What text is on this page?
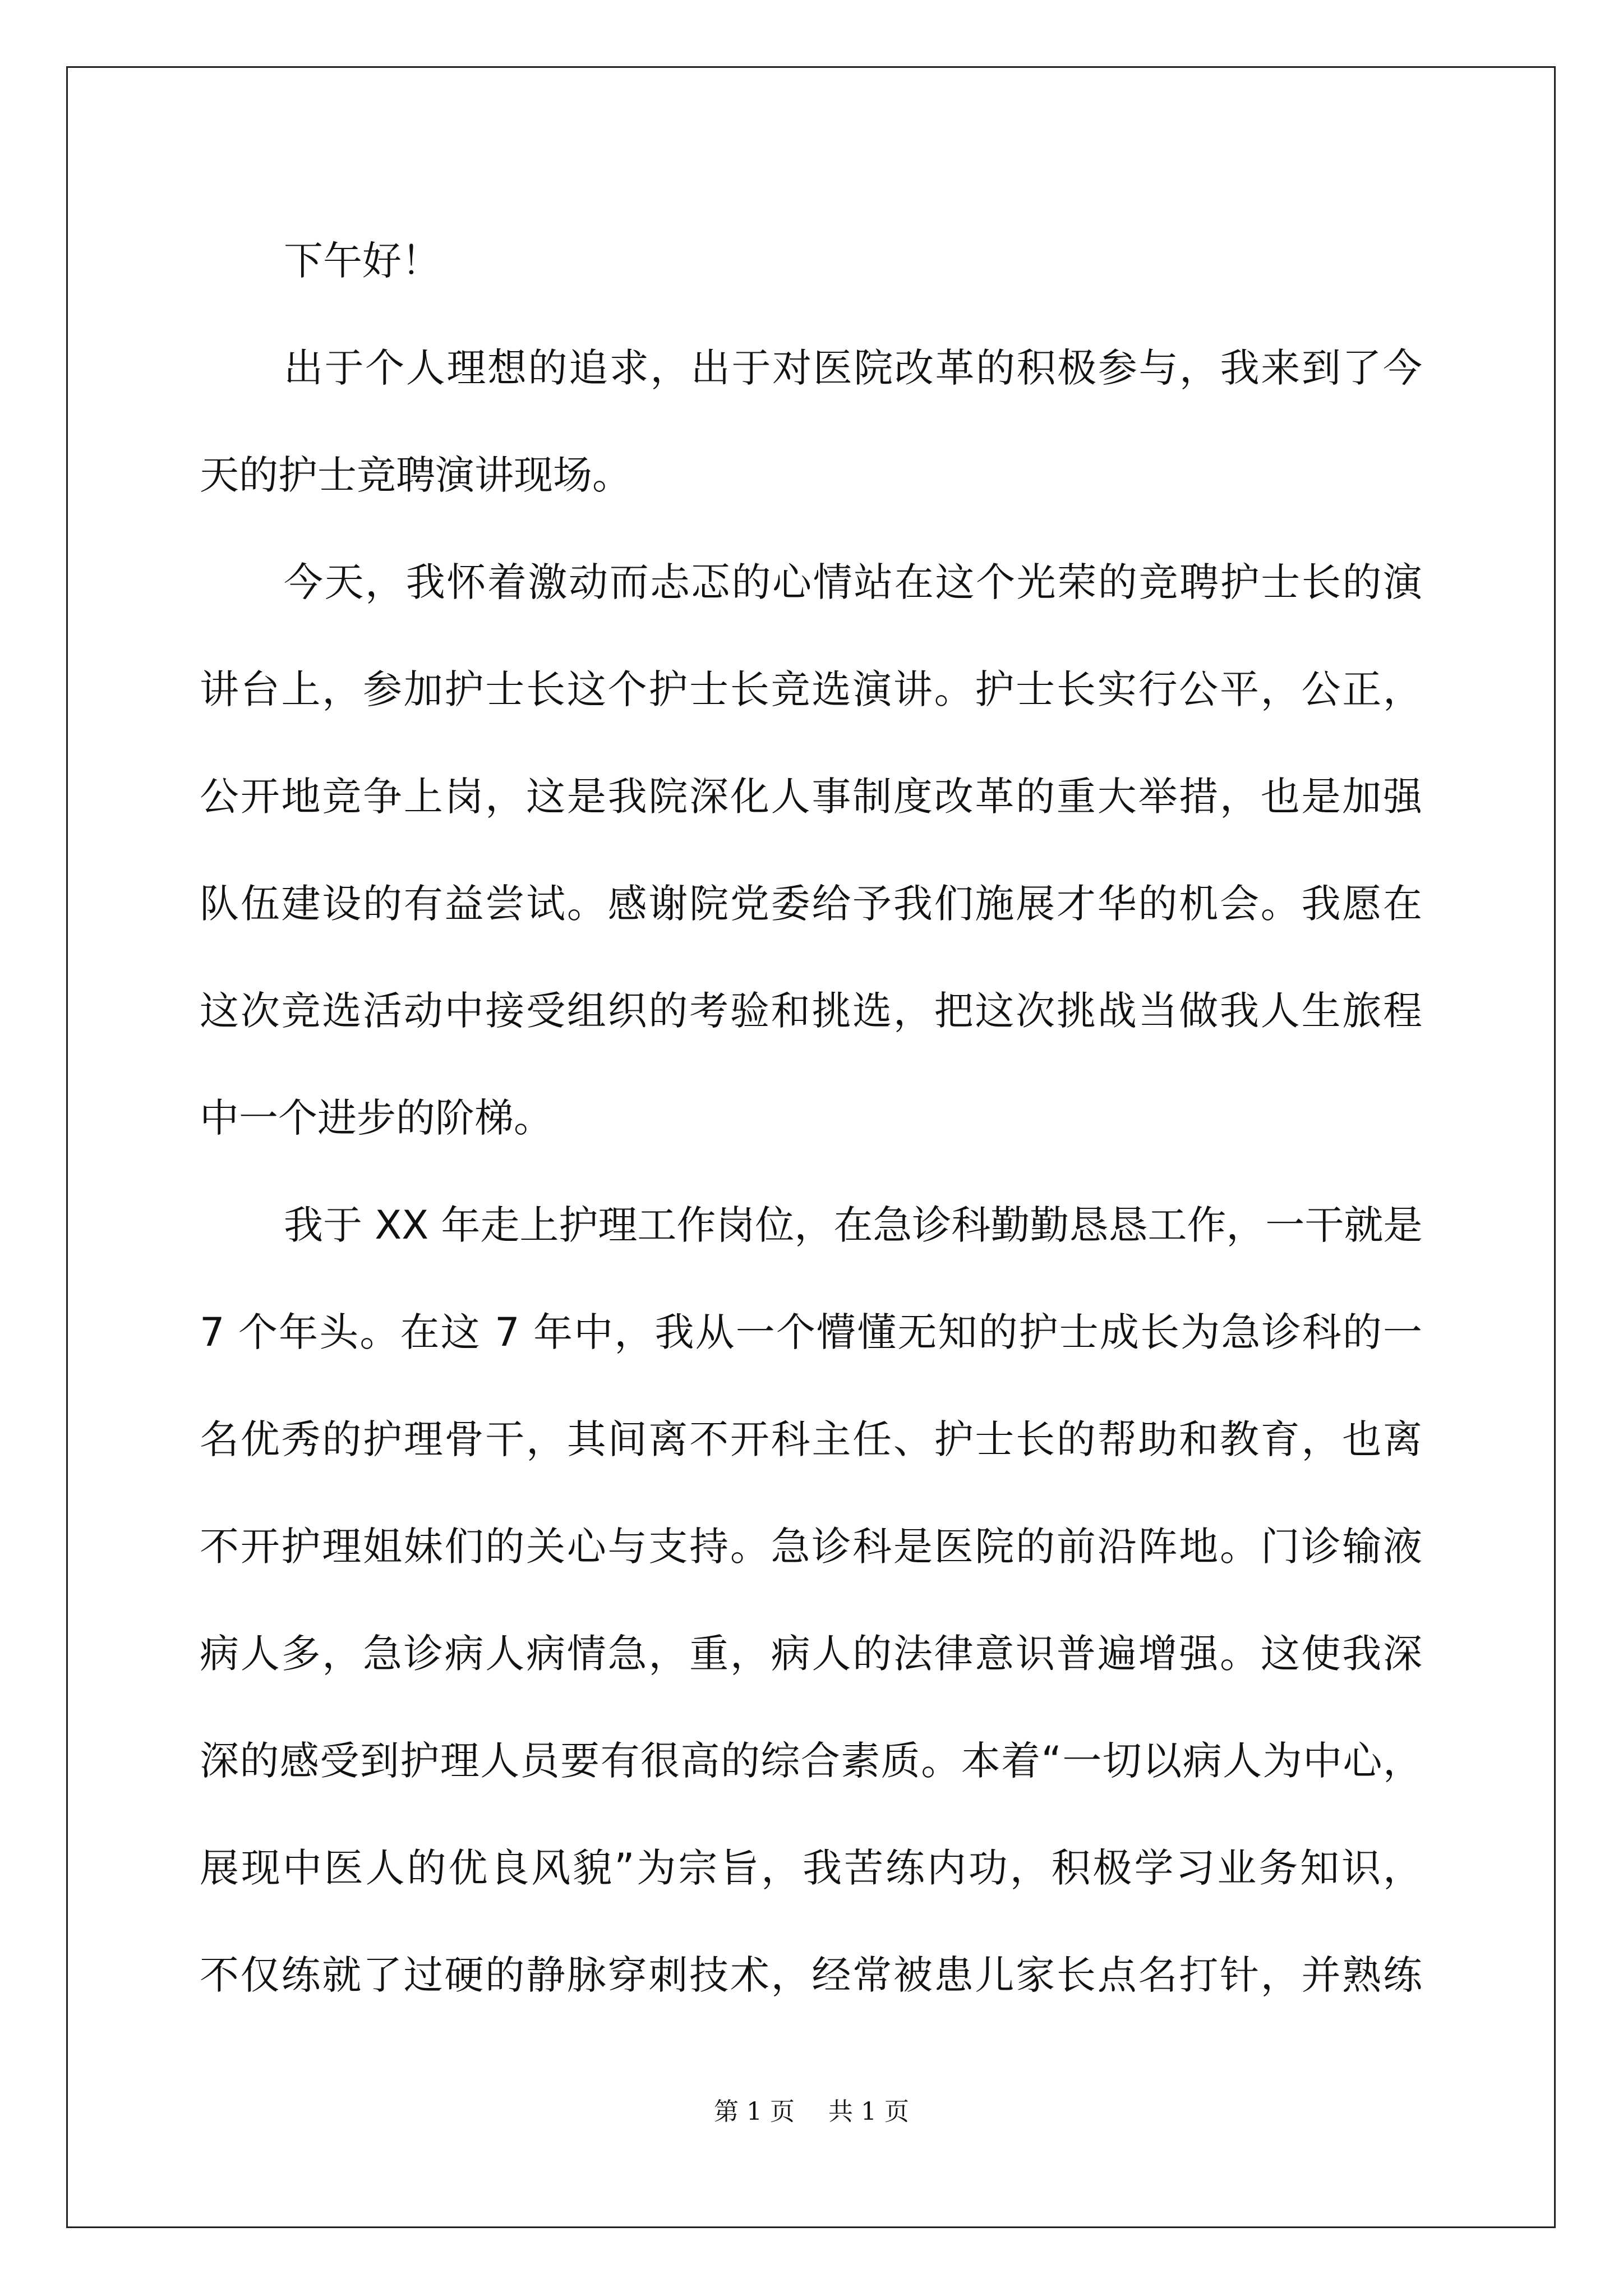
下午好！
出于个人理想的追求，出于对医院改革的积极参与，我来到了今
天的护士竞聘演讲现场。
今天，我怀着激动而忐忑的心情站在这个光荣的竞聘护士长的演
讲台上，参加护士长这个护士长竞选演讲。护士长实行公平，公正，
公开地竞争上岗，这是我院深化人事制度改革的重大举措，也是加强
队伍建设的有益尝试。感谢院党委给予我们施展才华的机会。我愿在
这次竞选活动中接受组织的考验和挑选，把这次挑战当做我人生旅程
中一个进步的阶梯。
我于 XX 年走上护理工作岗位，在急诊科勤勤恳恳工作，一干就是
7 个年头。在这 7 年中，我从一个懵懂无知的护士成长为急诊科的一
名优秀的护理骨干，其间离不开科主任、护士长的帮助和教育，也离
不开护理姐妹们的关心与支持。急诊科是医院的前沿阵地。门诊输液
病人多，急诊病人病情急，重，病人的法律意识普遍增强。这使我深
深的感受到护理人员要有很高的综合素质。本着“一切以病人为中心，
展现中医人的优良风貌”为宗旨，我苦练内功，积极学习业务知识，
不仅练就了过硬的静脉穿刺技术，经常被患儿家长点名打针，并熟练
第 1 页 共 1 页
